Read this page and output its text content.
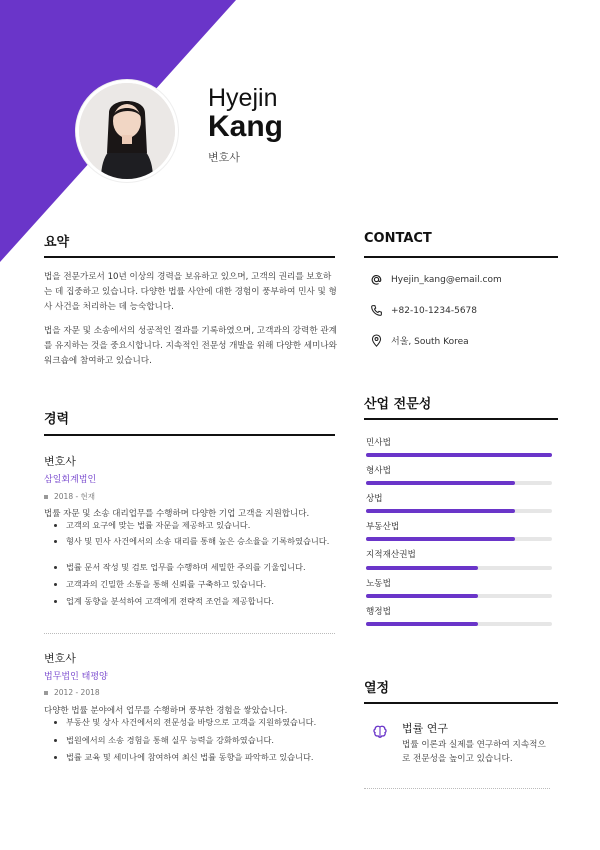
Hyejin
Kang
변호사
요약
법을 전문가로서 10년 이상의 경력을 보유하고 있으며, 고객의 권리를 보호하는 데 집중하고 있습니다. 다양한 법률 사안에 대한 경험이 풍부하여 민사 및 형사 사건을 처리하는 데 능숙합니다.
법을 자문 및 소송에서의 성공적인 결과를 기록하였으며, 고객과의 강력한 관계를 유지하는 것을 중요시합니다. 지속적인 전문성 개발을 위해 다양한 세미나와 워크숍에 참여하고 있습니다.
CONTACT
Hyejin_kang@email.com
+82-10-1234-5678
서울, South Korea
산업 전문성
민사법
형사법
상법
부동산법
지적재산권법
노동법
행정법
경력
변호사
삼일회계법인
2018 - 현재
법률 자문 및 소송 대리업무를 수행하며 다양한 기업 고객을 지원합니다.
고객의 요구에 맞는 법률 자문을 제공하고 있습니다.
형사 및 민사 사건에서의 소송 대리를 통해 높은 승소율을 기록하였습니다.
법률 문서 작성 및 검토 업무를 수행하며 세밀한 주의를 기울입니다.
고객과의 긴밀한 소통을 통해 신뢰를 구축하고 있습니다.
업계 동향을 분석하여 고객에게 전략적 조언을 제공합니다.
변호사
법무법인 태평양
2012 - 2018
다양한 법률 분야에서 업무를 수행하며 풍부한 경험을 쌓았습니다.
부동산 및 상사 사건에서의 전문성을 바탕으로 고객을 지원하였습니다.
법원에서의 소송 경험을 통해 실무 능력을 강화하였습니다.
법률 교육 및 세미나에 참여하여 최신 법률 동향을 파악하고 있습니다.
열정
법률 연구
법률 이론과 실제를 연구하여 지속적으로 전문성을 높이고 있습니다.
